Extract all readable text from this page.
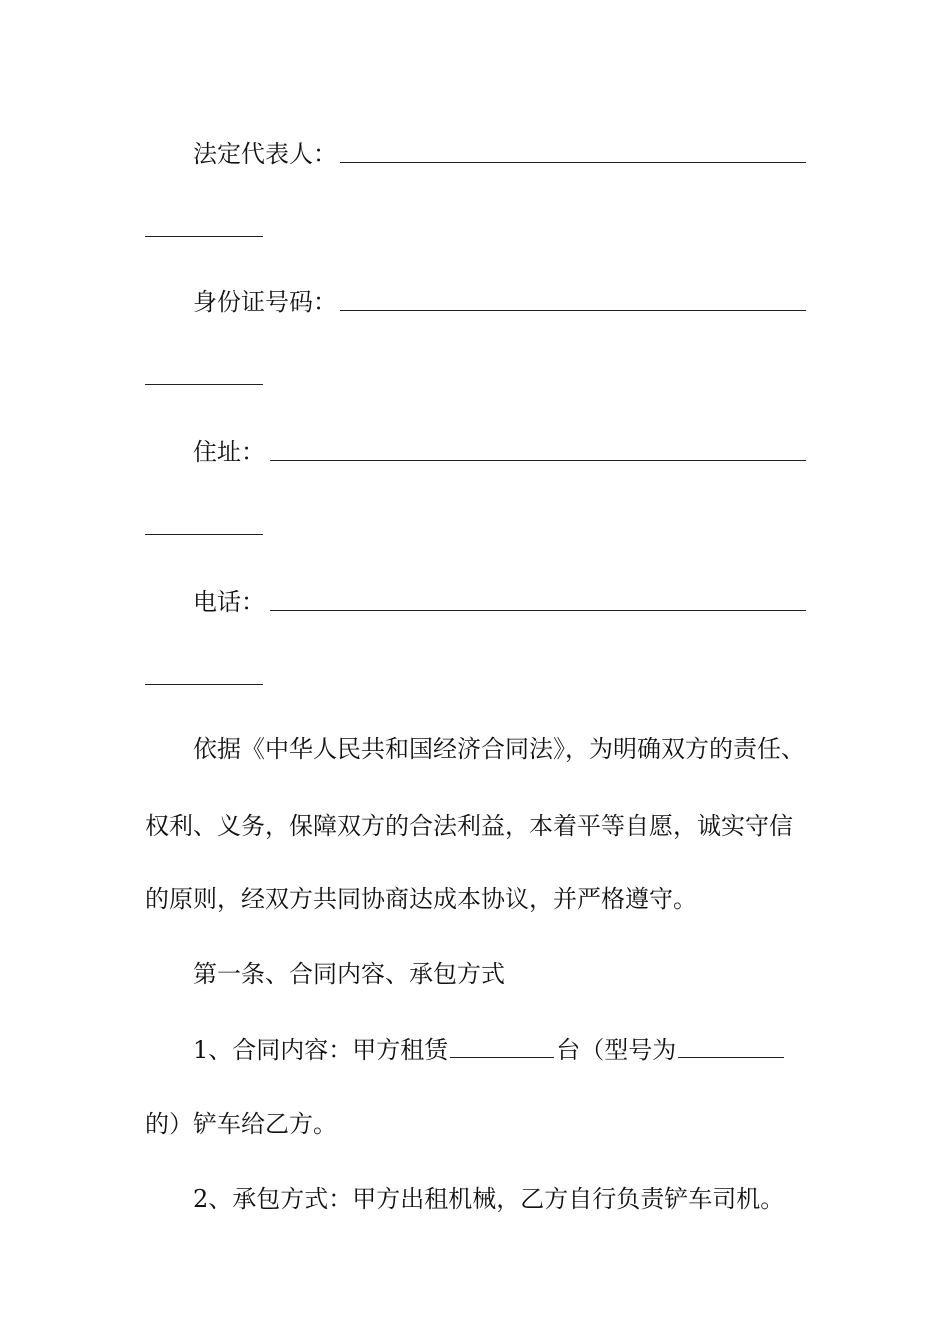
法定代表人：
身份证号码：
住址：
电话：
依据《中华人民共和国经济合同法》，为明确双方的责任、
权利、义务，保障双方的合法利益，本着平等自愿，诚实守信
的原则，经双方共同协商达成本协议，并严格遵守。
第一条、合同内容、承包方式
1、合同内容：甲方租赁	台（型号为
的）铲车给乙方。
2、承包方式：甲方出租机械，乙方自行负责铲车司机。
